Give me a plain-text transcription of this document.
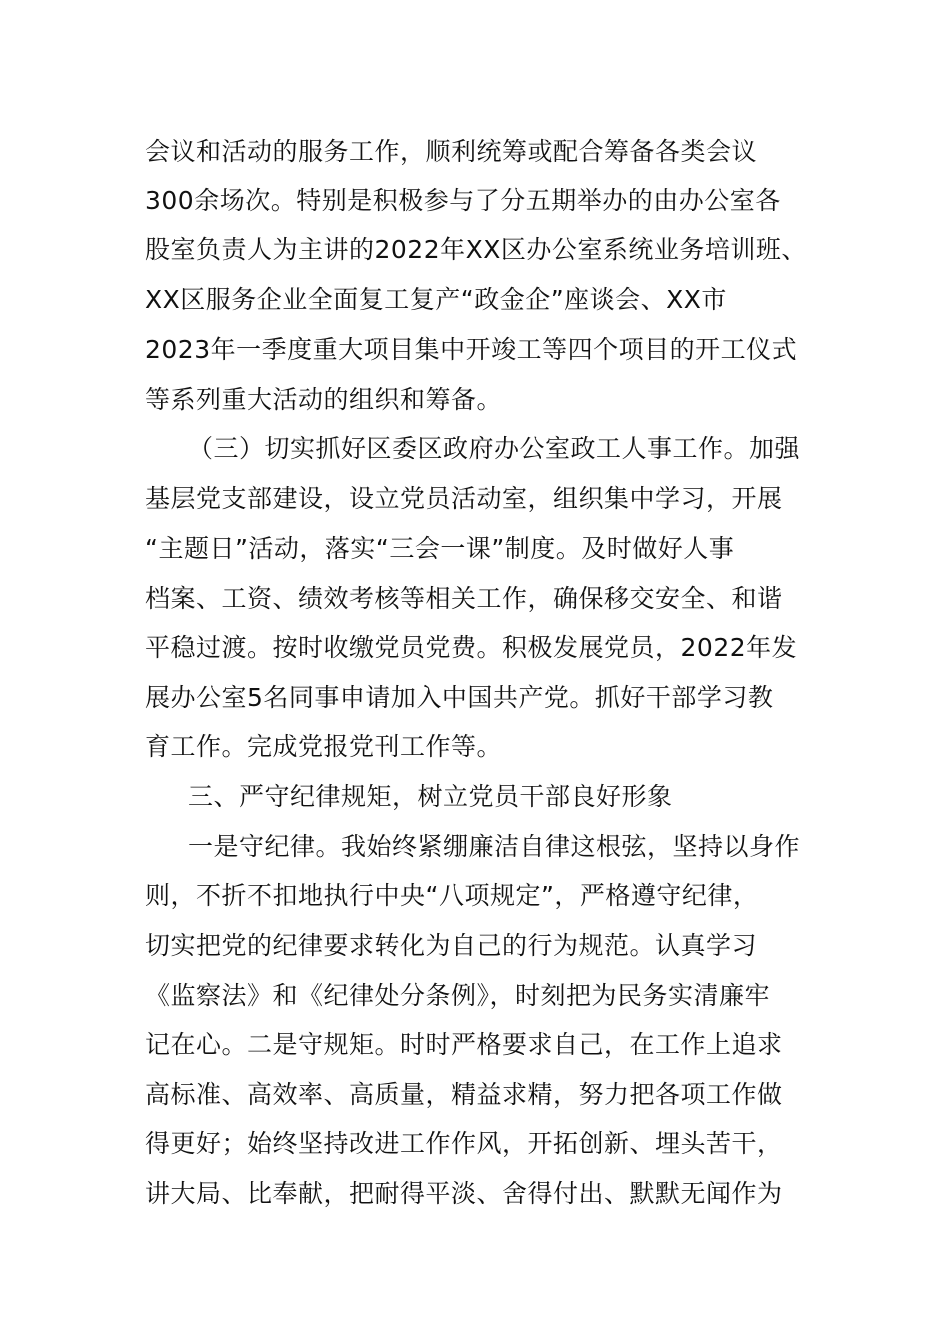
会议和活动的服务工作，顺利统筹或配合筹备各类会议
300余场次。特别是积极参与了分五期举办的由办公室各
股室负责人为主讲的2022年XX区办公室系统业务培训班、
XX区服务企业全面复工复产“政金企”座谈会、XX市
2023年一季度重大项目集中开竣工等四个项目的开工仪式
等系列重大活动的组织和筹备。
（三）切实抓好区委区政府办公室政工人事工作。加强
基层党支部建设，设立党员活动室，组织集中学习，开展
“主题日”活动，落实“三会一课”制度。及时做好人事
档案、工资、绩效考核等相关工作，确保移交安全、和谐
平稳过渡。按时收缴党员党费。积极发展党员，2022年发
展办公室5名同事申请加入中国共产党。抓好干部学习教
育工作。完成党报党刊工作等。
三、严守纪律规矩，树立党员干部良好形象
一是守纪律。我始终紧绷廉洁自律这根弦，坚持以身作
则，不折不扣地执行中央“八项规定”，严格遵守纪律，
切实把党的纪律要求转化为自己的行为规范。认真学习
《监察法》和《纪律处分条例》，时刻把为民务实清廉牢
记在心。二是守规矩。时时严格要求自己，在工作上追求
高标准、高效率、高质量，精益求精，努力把各项工作做
得更好；始终坚持改进工作作风，开拓创新、埋头苦干，
讲大局、比奉献，把耐得平淡、舍得付出、默默无闻作为
